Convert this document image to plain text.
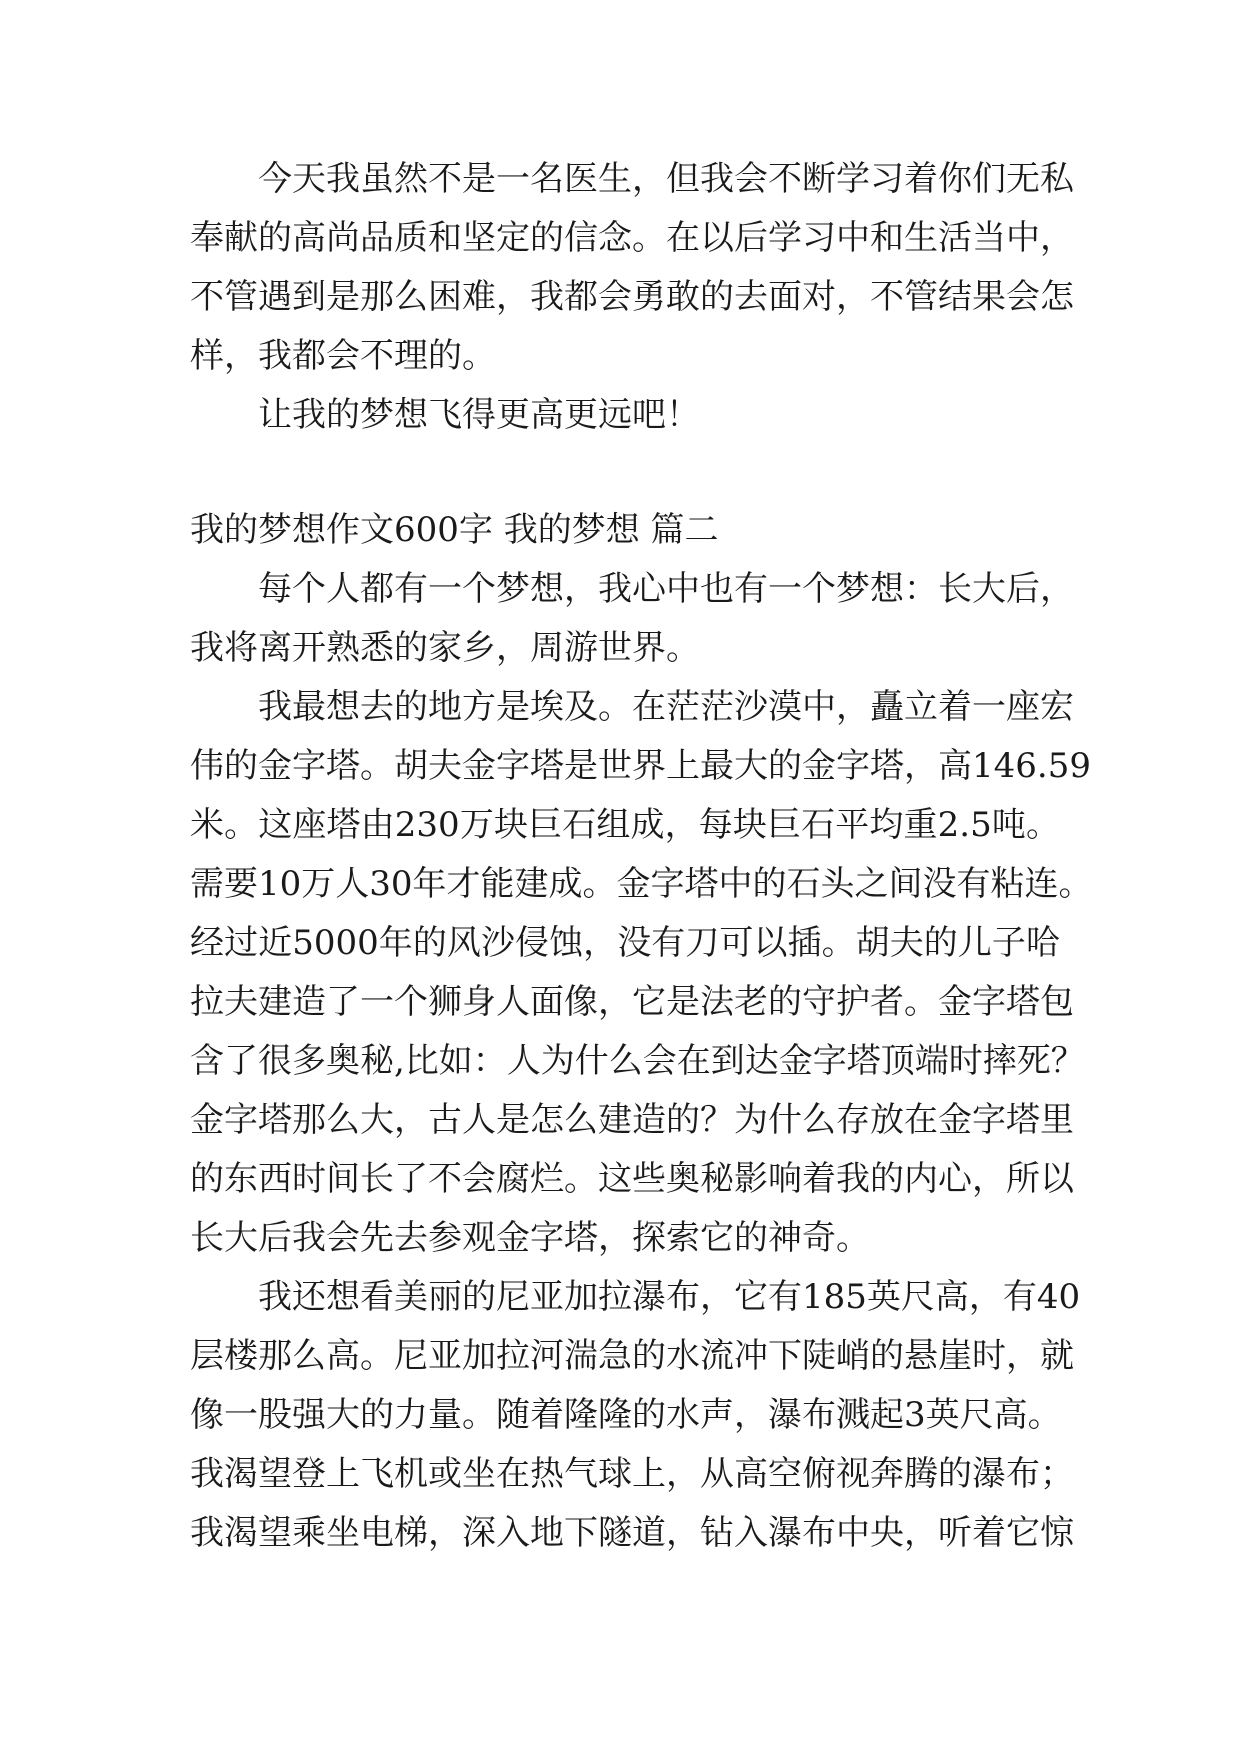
今天我虽然不是一名医生，但我会不断学习着你们无私
奉献的高尚品质和坚定的信念。在以后学习中和生活当中，
不管遇到是那么困难，我都会勇敢的去面对，不管结果会怎
样，我都会不理的。
让我的梦想飞得更高更远吧！
我的梦想作文600字 我的梦想 篇二
每个人都有一个梦想，我心中也有一个梦想：长大后，
我将离开熟悉的家乡，周游世界。
我最想去的地方是埃及。在茫茫沙漠中，矗立着一座宏
伟的金字塔。胡夫金字塔是世界上最大的金字塔，高146.59
米。这座塔由230万块巨石组成，每块巨石平均重2.5吨。
需要10万人30年才能建成。金字塔中的石头之间没有粘连。
经过近5000年的风沙侵蚀，没有刀可以插。胡夫的儿子哈
拉夫建造了一个狮身人面像，它是法老的守护者。金字塔包
含了很多奥秘,比如：人为什么会在到达金字塔顶端时摔死？
金字塔那么大，古人是怎么建造的？为什么存放在金字塔里
的东西时间长了不会腐烂。这些奥秘影响着我的内心，所以
长大后我会先去参观金字塔，探索它的神奇。
我还想看美丽的尼亚加拉瀑布，它有185英尺高，有40
层楼那么高。尼亚加拉河湍急的水流冲下陡峭的悬崖时，就
像一股强大的力量。随着隆隆的水声，瀑布溅起3英尺高。
我渴望登上飞机或坐在热气球上，从高空俯视奔腾的瀑布；
我渴望乘坐电梯，深入地下隧道，钻入瀑布中央，听着它惊
